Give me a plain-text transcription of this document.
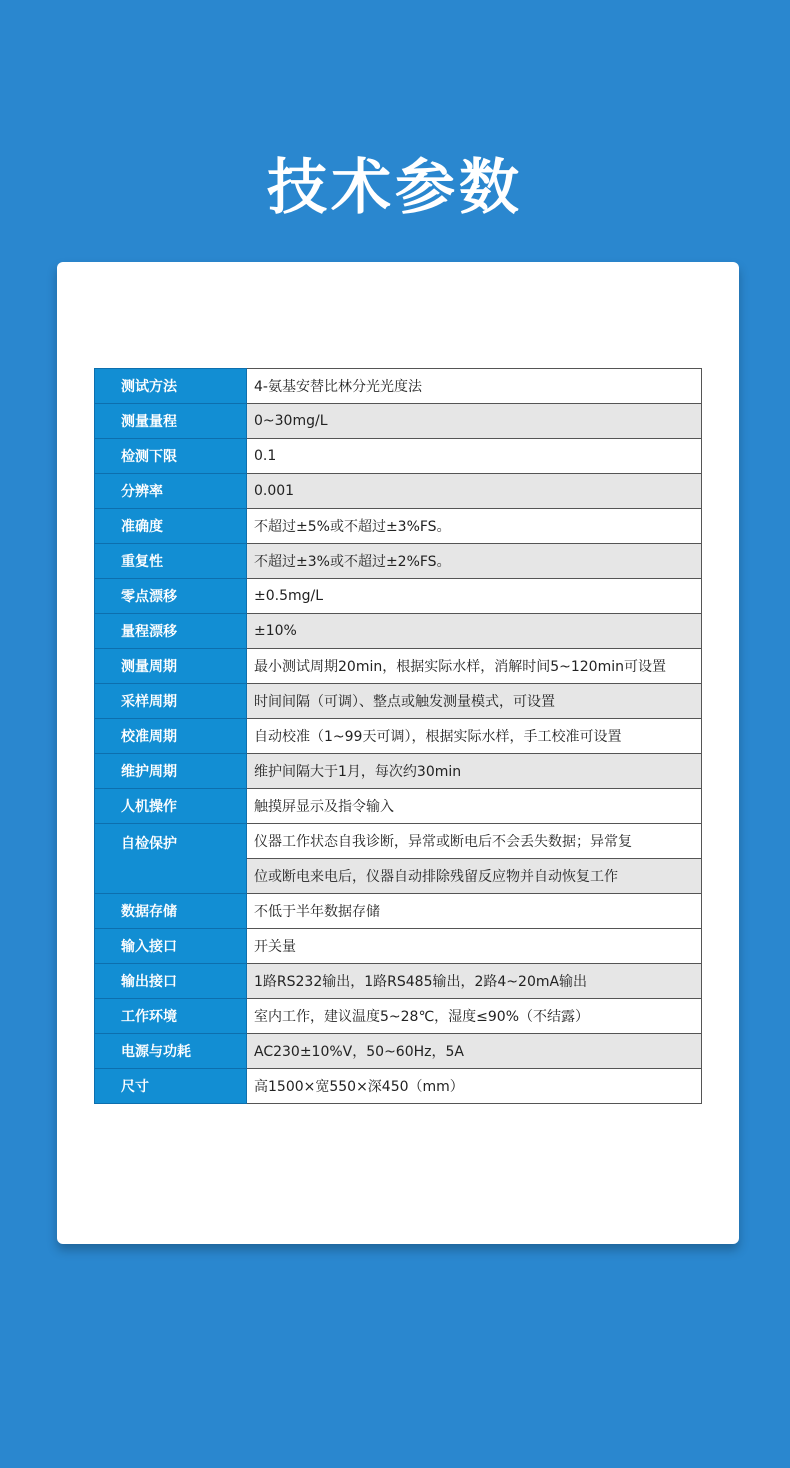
技术参数
测试方法	4-氨基安替比林分光光度法
测量量程	0~30mg/L
检测下限	0.1
分辨率	0.001
准确度	不超过±5%或不超过±3%FS。
重复性	不超过±3%或不超过±2%FS。
零点漂移	±0.5mg/L
量程漂移	±10%
测量周期	最小测试周期20min，根据实际水样，消解时间5~120min可设置
采样周期	时间间隔（可调）、整点或触发测量模式，可设置
校准周期	自动校准（1~99天可调），根据实际水样，手工校准可设置
维护周期	维护间隔大于1月，每次约30min
人机操作	触摸屏显示及指令输入
自检保护	仪器工作状态自我诊断，异常或断电后不会丢失数据；异常复
	位或断电来电后，仪器自动排除残留反应物并自动恢复工作
数据存储	不低于半年数据存储
输入接口	开关量
输出接口	1路RS232输出，1路RS485输出，2路4~20mA输出
工作环境	室内工作，建议温度5~28℃，湿度≤90%（不结露）
电源与功耗	AC230±10%V，50~60Hz，5A
尺寸	高1500×宽550×深450（mm）
